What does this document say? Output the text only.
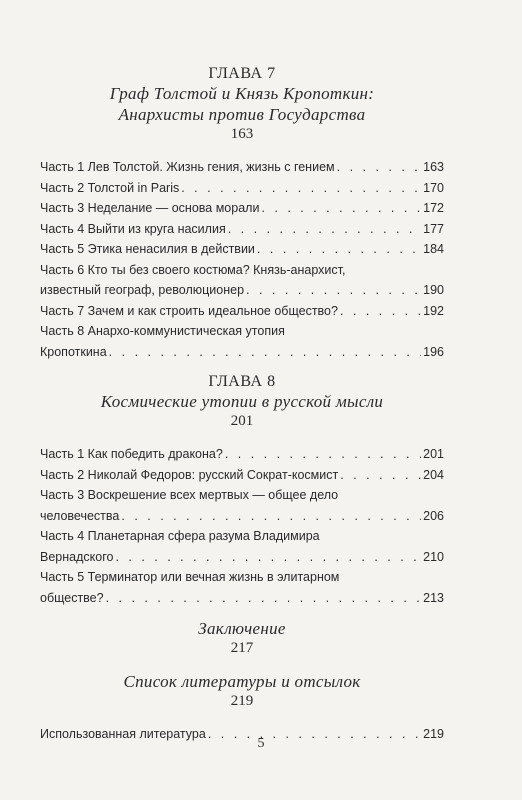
ГЛАВА 7
Граф Толстой и Князь Кропоткин:
Анархисты против Государства
163
Часть 1 Лев Толстой. Жизнь гения, жизнь с гением . . .	163
Часть 2 Толстой in Paris . . .	170
Часть 3 Неделание — основа морали . . .	172
Часть 4 Выйти из круга насилия . . .	177
Часть 5 Этика ненасилия в действии . . .	184
Часть 6 Кто ты без своего костюма? Князь-анархист,
известный географ, революционер . . .	190
Часть 7 Зачем и как строить идеальное общество? . . .	192
Часть 8 Анархо-коммунистическая утопия
Кропоткина . . .	196
ГЛАВА 8
Космические утопии в русской мысли
201
Часть 1 Как победить дракона? . . .	201
Часть 2 Николай Федоров: русский Сократ-космист . . .	204
Часть 3 Воскрешение всех мертвых — общее дело
человечества . . .	206
Часть 4 Планетарная сфера разума Владимира
Вернадского . . .	210
Часть 5 Терминатор или вечная жизнь в элитарном
обществе? . . .	213
Заключение
217
Список литературы и отсылок
219
Использованная литература . . .	219
5
